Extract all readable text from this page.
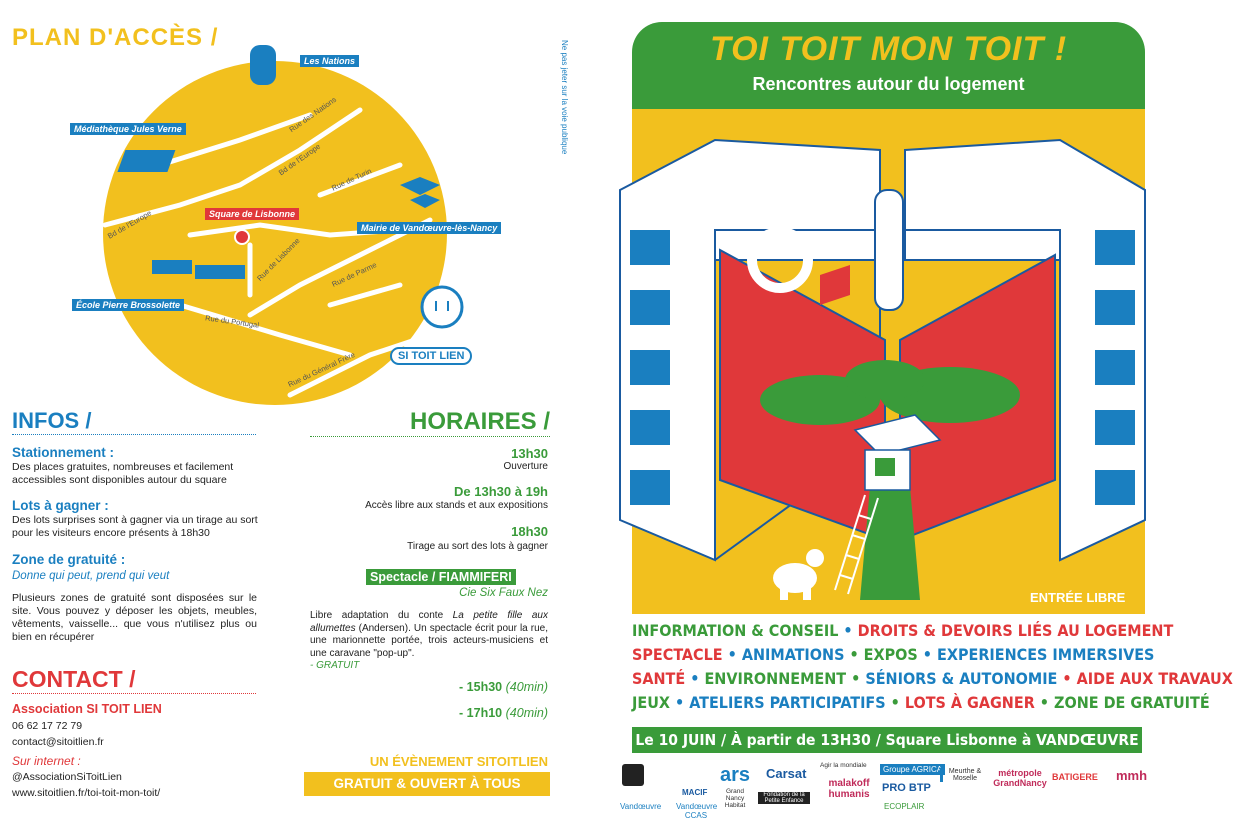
PLAN D'ACCÈS /
Ne pas jeter sur la voie publique
SI TOIT LIEN
Les Nations
Médiathèque Jules Verne
Square de Lisbonne
Mairie de Vandœuvre-lès-Nancy
École Pierre Brossolette
Rue des Nations
Bd de l'Europe
Bd de l'Europe
Rue de Turin
Rue de Lisbonne	Rue de Parme
Rue du Portugal
Rue du Général Frère
INFOS /
Stationnement :
Des places gratuites, nombreuses et facilement accessibles sont disponibles autour du square
Lots à gagner :
Des lots surprises sont à gagner via un tirage au sort pour les visiteurs encore présents à 18h30
Zone de gratuité :
Donne qui peut, prend qui veut
Plusieurs zones de gratuité sont disposées sur le site. Vous pouvez y déposer les objets, meubles, vêtements, vaisselle... que vous n'utilisez plus ou bien en récupérer
CONTACT /
Association SI TOIT LIEN
06 62 17 72 79
contact@sitoitlien.fr
Sur internet :
@AssociationSiToitLien
www.sitoitlien.fr/toi-toit-mon-toit/
HORAIRES /
13h30
Ouverture
De 13h30 à 19h
Accès libre aux stands et aux expositions
18h30
Tirage au sort des lots à gagner
Spectacle / FIAMMIFERI
Cie Six Faux Nez
Libre adaptation du conte La petite fille aux allumettes (Andersen). Un spectacle écrit pour la rue, une marionnette portée, trois acteurs-musiciens et une caravane "pop-up".
- GRATUIT
- 15h30 (40min)
- 17h10 (40min)
UN ÉVÈNEMENT SITOITLIEN
GRATUIT & OUVERT À TOUS
TOI TOIT MON TOIT !
Rencontres autour du logement
ENTRÉE LIBRE
INFORMATION & CONSEIL • DROITS & DEVOIRS LIÉS AU LOGEMENT
SPECTACLE • ANIMATIONS • EXPOS • EXPERIENCES IMMERSIVES
SANTÉ • ENVIRONNEMENT • SÉNIORS & AUTONOMIE • AIDE AUX TRAVAUX
JEUX • ATELIERS PARTICIPATIFS • LOTS À GAGNER • ZONE DE GRATUITÉ
Le 10 JUIN / À partir de 13H30 / Square Lisbonne à VANDŒUVRE
Vandœuvre
MACIF
Vandœuvre CCAS
ars
Grand Nancy Habitat
Carsat
Fondation de la Petite Enfance
Agir la mondiale
malakoff humanis
Groupe AGRICA
PRO BTP
ECOPLAIR
Meurthe & Moselle
métropole GrandNancy
BATIGERE mmh
